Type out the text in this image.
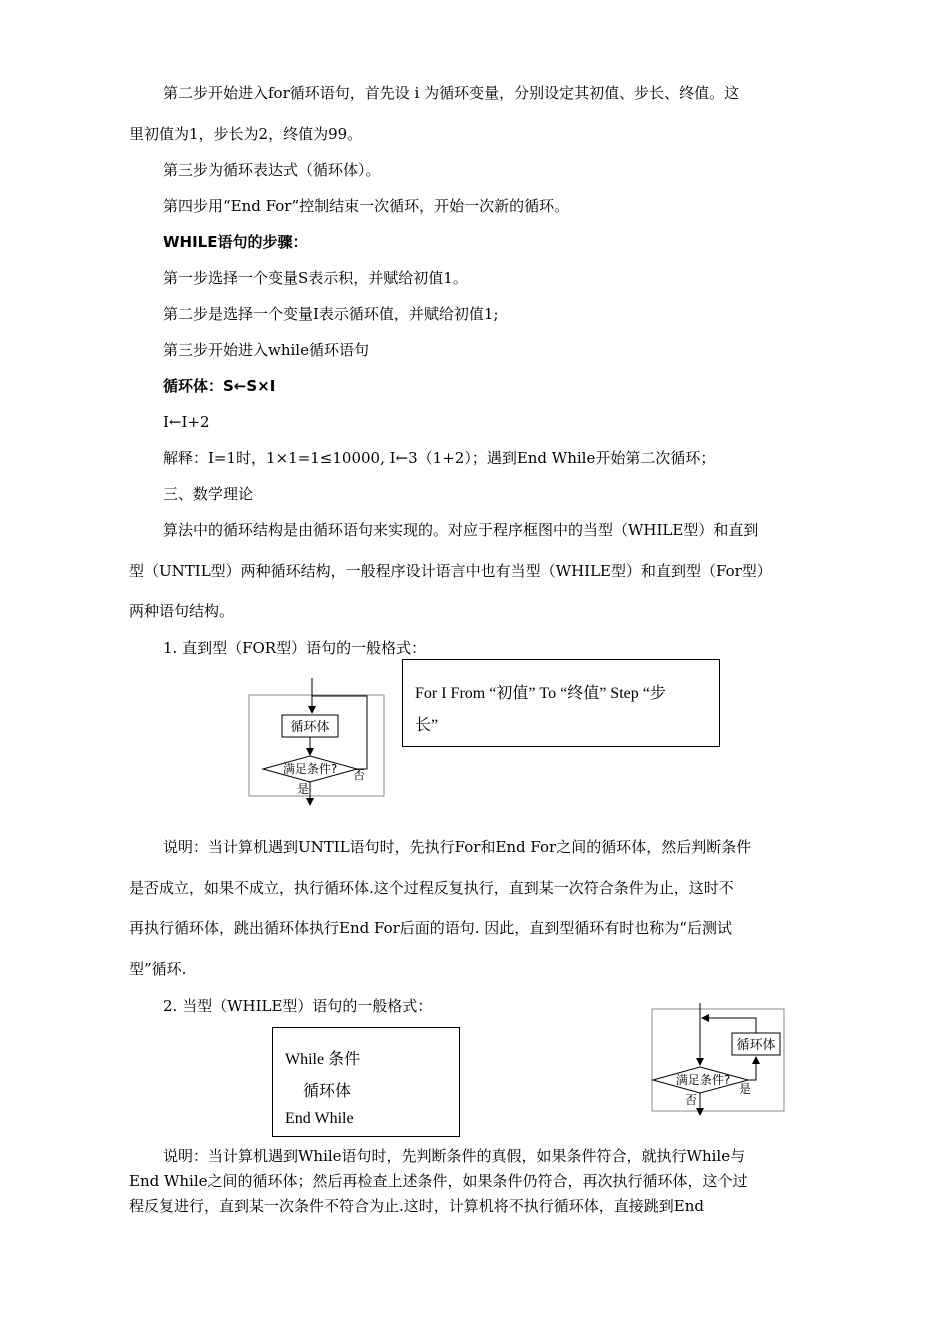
第二步开始进入for循环语句，首先设 i 为循环变量，分别设定其初值、步长、终值。这
里初值为1，步长为2，终值为99。
第三步为循环表达式（循环体）。
第四步用“End For”控制结束一次循环，开始一次新的循环。
WHILE语句的步骤：
第一步选择一个变量S表示积，并赋给初值1。
第二步是选择一个变量I表示循环值，并赋给初值1;
第三步开始进入while循环语句
循环体：S←S×I
I←I+2
解释：I=1时，1×1=1≤10000, I←3（1+2）；遇到End While开始第二次循环；
三、数学理论
算法中的循环结构是由循环语句来实现的。对应于程序框图中的当型（WHILE型）和直到
型（UNTIL型）两种循环结构，一般程序设计语言中也有当型（WHILE型）和直到型（For型）
两种语句结构。
1. 直到型（FOR型）语句的一般格式：
For I From “初值” To “终值” Step “步
长”
循环体
满足条件? 否
是
说明：当计算机遇到UNTIL语句时，先执行For和End For之间的循环体，然后判断条件
是否成立，如果不成立，执行循环体.这个过程反复执行，直到某一次符合条件为止，这时不
再执行循环体，跳出循环体执行End For后面的语句. 因此，直到型循环有时也称为“后测试
型”循环.
2. 当型（WHILE型）语句的一般格式：
While 条件
循环体
End While
满足条件?
循环体
是
否
说明：当计算机遇到While语句时，先判断条件的真假，如果条件符合，就执行While与
End While之间的循环体；然后再检查上述条件，如果条件仍符合，再次执行循环体，这个过
程反复进行，直到某一次条件不符合为止.这时，计算机将不执行循环体，直接跳到End
